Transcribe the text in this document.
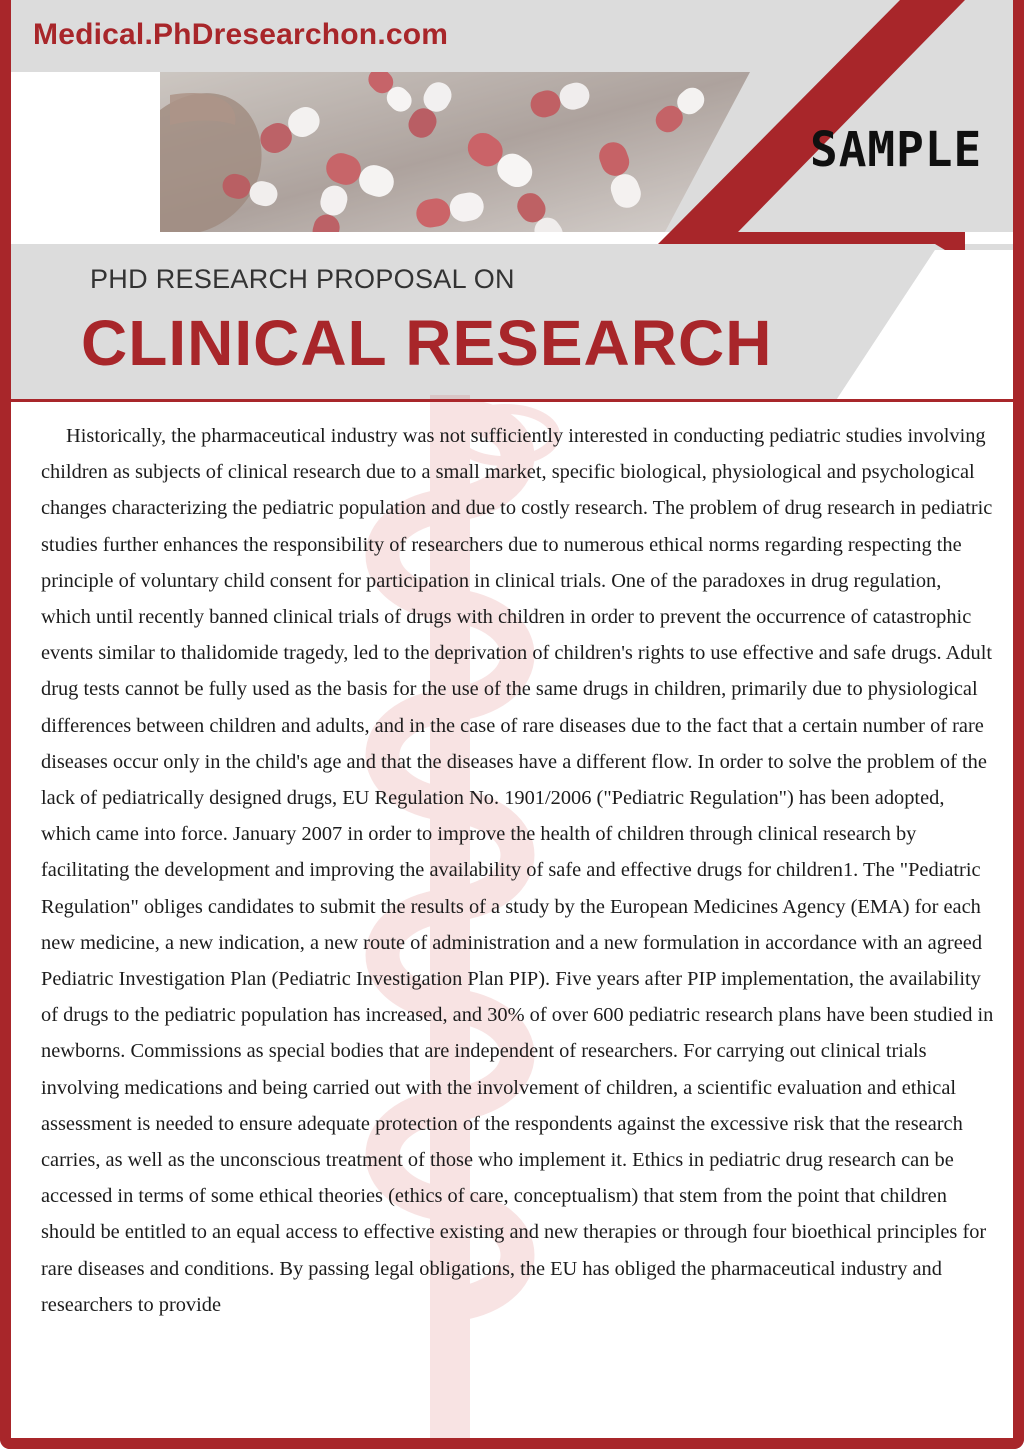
Medical.PhDresearchon.com
SAMPLE
PHD RESEARCH PROPOSAL ON
CLINICAL RESEARCH

Historically, the pharmaceutical industry was not sufficiently interested in conducting pediatric studies involving children as subjects of clinical research due to a small market, specific biological, physiological and psychological changes characterizing the pediatric population and due to costly research. The problem of drug research in pediatric studies further enhances the responsibility of researchers due to numerous ethical norms regarding respecting the principle of voluntary child consent for participation in clinical trials. One of the paradoxes in drug regulation, which until recently banned clinical trials of drugs with children in order to prevent the occurrence of catastrophic events similar to thalidomide tragedy, led to the deprivation of children's rights to use effective and safe drugs. Adult drug tests cannot be fully used as the basis for the use of the same drugs in children, primarily due to physiological differences between children and adults, and in the case of rare diseases due to the fact that a certain number of rare diseases occur only in the child's age and that the diseases have a different flow. In order to solve the problem of the lack of pediatrically designed drugs, EU Regulation No. 1901/2006 ("Pediatric Regulation") has been adopted, which came into force. January 2007 in order to improve the health of children through clinical research by facilitating the development and improving the availability of safe and effective drugs for children1. The "Pediatric Regulation" obliges candidates to submit the results of a study by the European Medicines Agency (EMA) for each new medicine, a new indication, a new route of administration and a new formulation in accordance with an agreed Pediatric Investigation Plan (Pediatric Investigation Plan PIP). Five years after PIP implementation, the availability of drugs to the pediatric population has increased, and 30% of over 600 pediatric research plans have been studied in newborns. Commissions as special bodies that are independent of researchers. For carrying out clinical trials involving medications and being carried out with the involvement of children, a scientific evaluation and ethical assessment is needed to ensure adequate protection of the respondents against the excessive risk that the research carries, as well as the unconscious treatment of those who implement it. Ethics in pediatric drug research can be accessed in terms of some ethical theories (ethics of care, conceptualism) that stem from the point that children should be entitled to an equal access to effective existing and new therapies or through four bioethical principles for rare diseases and conditions. By passing legal obligations, the EU has obliged the pharmaceutical industry and researchers to provide
